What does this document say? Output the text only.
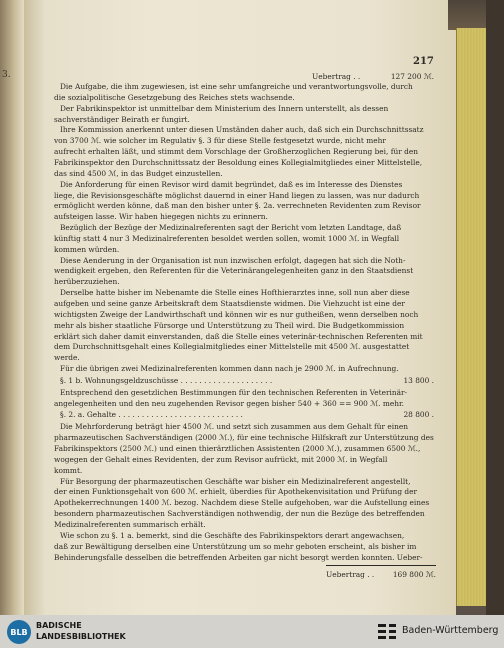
3.
217
Uebertrag . .	127 200 ℳ.
Die Aufgabe, die ihm zugewiesen, ist eine sehr umfangreiche und verantwortungsvolle, durch
die sozialpolitische Gesetzgebung des Reiches stets wachsende.
Der Fabrikinspektor ist unmittelbar dem Ministerium des Innern unterstellt, als dessen
sachverständiger Beirath er fungirt.
Ihre Kommission anerkennt unter diesen Umständen daher auch, daß sich ein Durchschnittssatz
von 3700 ℳ. wie solcher im Regulativ §. 3 für diese Stelle festgesetzt wurde, nicht mehr
aufrecht erhalten läßt, und stimmt dem Vorschlage der Großherzoglichen Regierung bei, für den
Fabrikinspektor den Durchschnittssatz der Besoldung eines Kollegialmitgliedes einer Mittelstelle,
das sind 4500 ℳ, in das Budget einzustellen.
Die Anforderung für einen Revisor wird damit begründet, daß es im Interesse des Dienstes
liege, die Revisionsgeschäfte möglichst dauernd in einer Hand liegen zu lassen, was nur dadurch
ermöglicht werden könne, daß man den bisher unter §. 2a. verrechneten Revidenten zum Revisor
aufsteigen lasse. Wir haben hiegegen nichts zu erinnern.
Bezüglich der Bezüge der Medizinalreferenten sagt der Bericht vom letzten Landtage, daß
künftig statt 4 nur 3 Medizinalreferenten besoldet werden sollen, womit 1000 ℳ. in Wegfall
kommen würden.
Diese Aenderung in der Organisation ist nun inzwischen erfolgt, dagegen hat sich die Noth-
wendigkeit ergeben, den Referenten für die Veterinärangelegenheiten ganz in den Staatsdienst
herüberzuziehen.
Derselbe hatte bisher im Nebenamte die Stelle eines Hofthierarztes inne, soll nun aber diese
aufgeben und seine ganze Arbeitskraft dem Staatsdienste widmen. Die Viehzucht ist eine der
wichtigsten Zweige der Landwirthschaft und können wir es nur gutheißen, wenn derselben noch
mehr als bisher staatliche Fürsorge und Unterstützung zu Theil wird. Die Budgetkommission
erklärt sich daher damit einverstanden, daß die Stelle eines veterinär-technischen Referenten mit
dem Durchschnittsgehalt eines Kollegialmitgliedes einer Mittelstelle mit 4500 ℳ. ausgestattet
werde.
Für die übrigen zwei Medizinalreferenten kommen dann nach je 2900 ℳ. in Aufrechnung.
§. 1 b. Wohnungsgeldzuschüsse . . . . . . . . . . . . . . . . . . . .	13 800 .
Entsprechend den gesetzlichen Bestimmungen für den technischen Referenten in Veterinär-
angelegenheiten und den neu zugehenden Revisor gegen bisher 540 + 360 == 900 ℳ. mehr.
§. 2. a. Gehalte . . . . . . . . . . . . . . . . . . . . . . . . . . .	28 800 .
Die Mehrforderung beträgt hier 4500 ℳ. und setzt sich zusammen aus dem Gehalt für einen
pharmazeutischen Sachverständigen (2000 ℳ.), für eine technische Hilfskraft zur Unterstützung des
Fabrikinspektors (2500 ℳ.) und einen thierärztlichen Assistenten (2000 ℳ.), zusammen 6500 ℳ.,
wogegen der Gehalt eines Revidenten, der zum Revisor aufrückt, mit 2000 ℳ. in Wegfall
kommt.
Für Besorgung der pharmazeutischen Geschäfte war bisher ein Medizinalreferent angestellt,
der einen Funktionsgehalt von 600 ℳ. erhielt, überdies für Apothekenvisitation und Prüfung der
Apothekerrechnungen 1400 ℳ. bezog. Nachdem diese Stelle aufgehoben, war die Aufstellung eines
besondern pharmazeutischen Sachverständigen nothwendig, der nun die Bezüge des betreffenden
Medizinalreferenten summarisch erhält.
Wie schon zu §. 1 a. bemerkt, sind die Geschäfte des Fabrikinspektors derart angewachsen,
daß zur Bewältigung derselben eine Unterstützung um so mehr geboten erscheint, als bisher im
Behinderungsfalle desselben die betreffenden Arbeiten gar nicht besorgt werden konnten. Ueber-
Uebertrag . .	169 800 ℳ.
BLB
BADISCHE
LANDESBIBLIOTHEK
Baden-Württemberg
